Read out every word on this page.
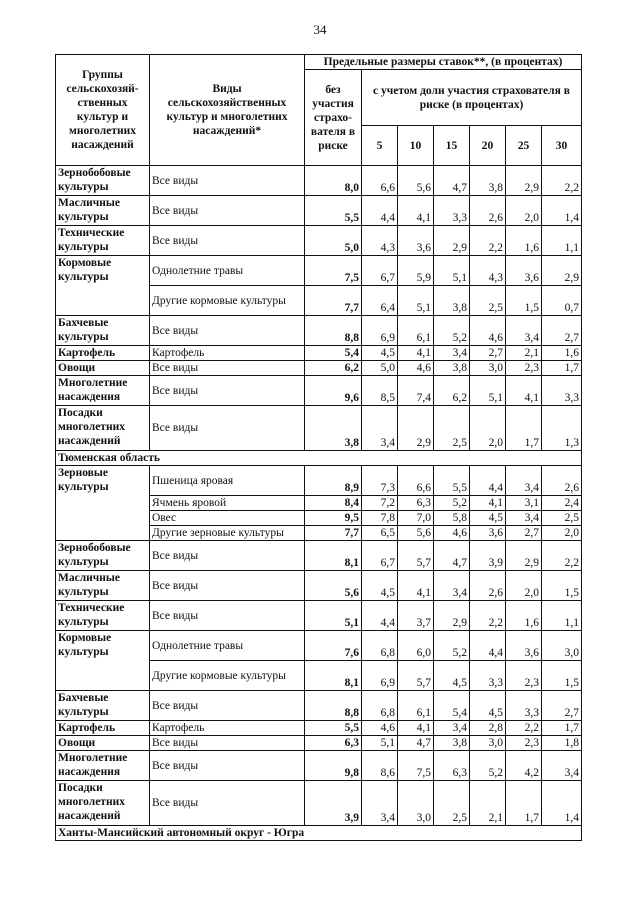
34
Группы сельскохозяй-ственных культур и многолетних насаждений	Виды сельскохозяйственных культур и многолетних насаждений*	Предельные размеры ставок**, (в процентах)						
		без участия страхо-вателя в риске	с учетом доли участия страхователя в риске (в процентах)					
			5	10	15	20	25	30
Зернобобовые культуры	Все виды	8,0	6,6	5,6	4,7	3,8	2,9	2,2
Масличные культуры	Все виды	5,5	4,4	4,1	3,3	2,6	2,0	1,4
Технические культуры	Все виды	5,0	4,3	3,6	2,9	2,2	1,6	1,1
Кормовые культуры	Однолетние травы	7,5	6,7	5,9	5,1	4,3	3,6	2,9
	Другие кормовые культуры	7,7	6,4	5,1	3,8	2,5	1,5	0,7
Бахчевые культуры	Все виды	8,8	6,9	6,1	5,2	4,6	3,4	2,7
Картофель	Картофель	5,4	4,5	4,1	3,4	2,7	2,1	1,6
Овощи	Все виды	6,2	5,0	4,6	3,8	3,0	2,3	1,7
Многолетние насаждения	Все виды	9,6	8,5	7,4	6,2	5,1	4,1	3,3
Посадки многолетних насаждений	Все виды	3,8	3,4	2,9	2,5	2,0	1,7	1,3
Тюменская область								
Зерновые культуры	Пшеница яровая	8,9	7,3	6,6	5,5	4,4	3,4	2,6
	Ячмень яровой	8,4	7,2	6,3	5,2	4,1	3,1	2,4
	Овес	9,5	7,8	7,0	5,8	4,5	3,4	2,5
	Другие зерновые культуры	7,7	6,5	5,6	4,6	3,6	2,7	2,0
Зернобобовые культуры	Все виды	8,1	6,7	5,7	4,7	3,9	2,9	2,2
Масличные культуры	Все виды	5,6	4,5	4,1	3,4	2,6	2,0	1,5
Технические культуры	Все виды	5,1	4,4	3,7	2,9	2,2	1,6	1,1
Кормовые культуры	Однолетние травы	7,6	6,8	6,0	5,2	4,4	3,6	3,0
	Другие кормовые культуры	8,1	6,9	5,7	4,5	3,3	2,3	1,5
Бахчевые культуры	Все виды	8,8	6,8	6,1	5,4	4,5	3,3	2,7
Картофель	Картофель	5,5	4,6	4,1	3,4	2,8	2,2	1,7
Овощи	Все виды	6,3	5,1	4,7	3,8	3,0	2,3	1,8
Многолетние насаждения	Все виды	9,8	8,6	7,5	6,3	5,2	4,2	3,4
Посадки многолетних насаждений	Все виды	3,9	3,4	3,0	2,5	2,1	1,7	1,4
Ханты-Мансийский автономный округ - Югра								
